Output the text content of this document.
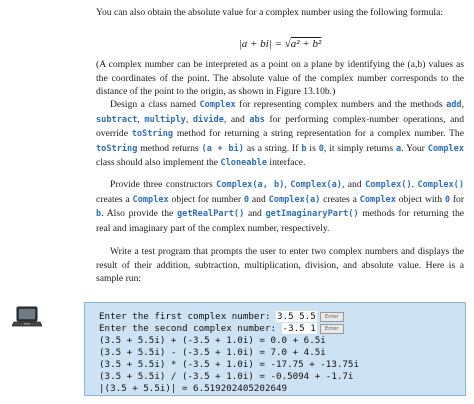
You can also obtain the absolute value for a complex number using the following formula:
|a + bi| = √a² + b²
(A complex number can be interpreted as a point on a plane by identifying the (a,b) values as the coordinates of the point. The absolute value of the complex number corresponds to the distance of the point to the origin, as shown in Figure 13.10b.)
Design a class named Complex for representing complex numbers and the methods add, subtract, multiply, divide, and abs for performing complex-number operations, and override toString method for returning a string representation for a complex number. The toString method returns (a + bi) as a string. If b is 0, it simply returns a. Your Complex class should also implement the Cloneable interface.
Provide three constructors Complex(a, b), Complex(a), and Complex(). Complex() creates a Complex object for number 0 and Complex(a) creates a Complex object with 0 for b. Also provide the getRealPart() and getImaginaryPart() methods for returning the real and imaginary part of the complex number, respectively.
Write a test program that prompts the user to enter two complex numbers and displays the result of their addition, subtraction, multiplication, division, and absolute value. Here is a sample run:
Enter the first complex number: 3.5 5.5 Enter
Enter the second complex number: -3.5 1 Enter
(3.5 + 5.5i) + (-3.5 + 1.0i) = 0.0 + 6.5i
(3.5 + 5.5i) - (-3.5 + 1.0i) = 7.0 + 4.5i
(3.5 + 5.5i) * (-3.5 + 1.0i) = -17.75 + -13.75i
(3.5 + 5.5i) / (-3.5 + 1.0i) = -0.5094 + -1.7i
|(3.5 + 5.5i)| = 6.519202405202649
